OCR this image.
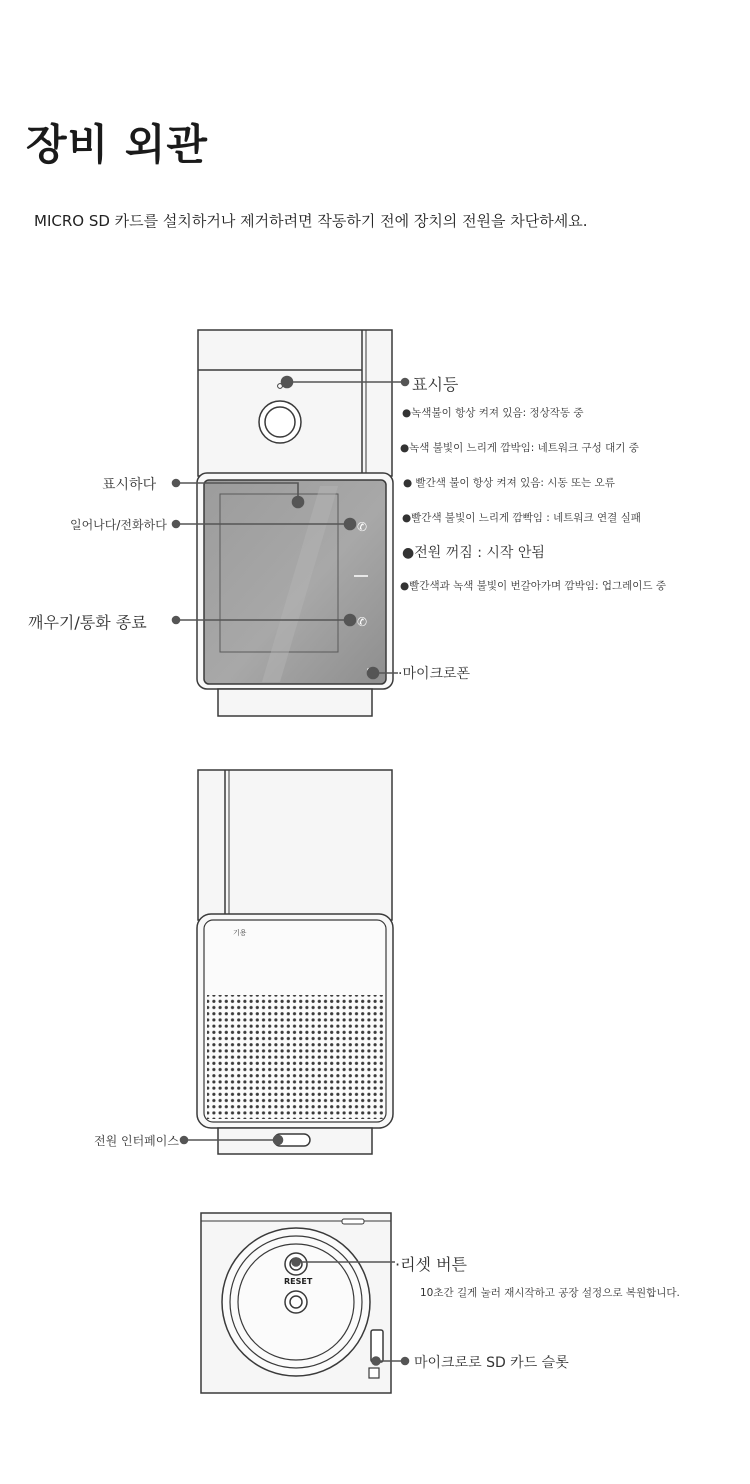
장비 외관
MICRO SD 카드를 설치하거나 제거하려면 작동하기 전에 장치의 전원을 차단하세요.
✆
✆
표시등
●녹색불이 항상 켜져 있음: 정상작동 중
●녹색 불빛이 느리게 깜박임: 네트워크 구성 대기 중
● 빨간색 불이 항상 켜져 있음: 시동 또는 오류
●빨간색 불빛이 느리게 깜빡임 : 네트워크 연결 실패
●전원 꺼짐 : 시작 안됨
●빨간색과 녹색 불빛이 번갈아가며 깜박임: 업그레이드 중
표시하다
일어나다/전화하다
깨우기/통화 종료
·마이크로폰
기용
전원 인터페이스
RESET
·리셋 버튼
10초간 길게 눌러 재시작하고 공장 설정으로 복원합니다.
마이크로로 SD 카드 슬롯
